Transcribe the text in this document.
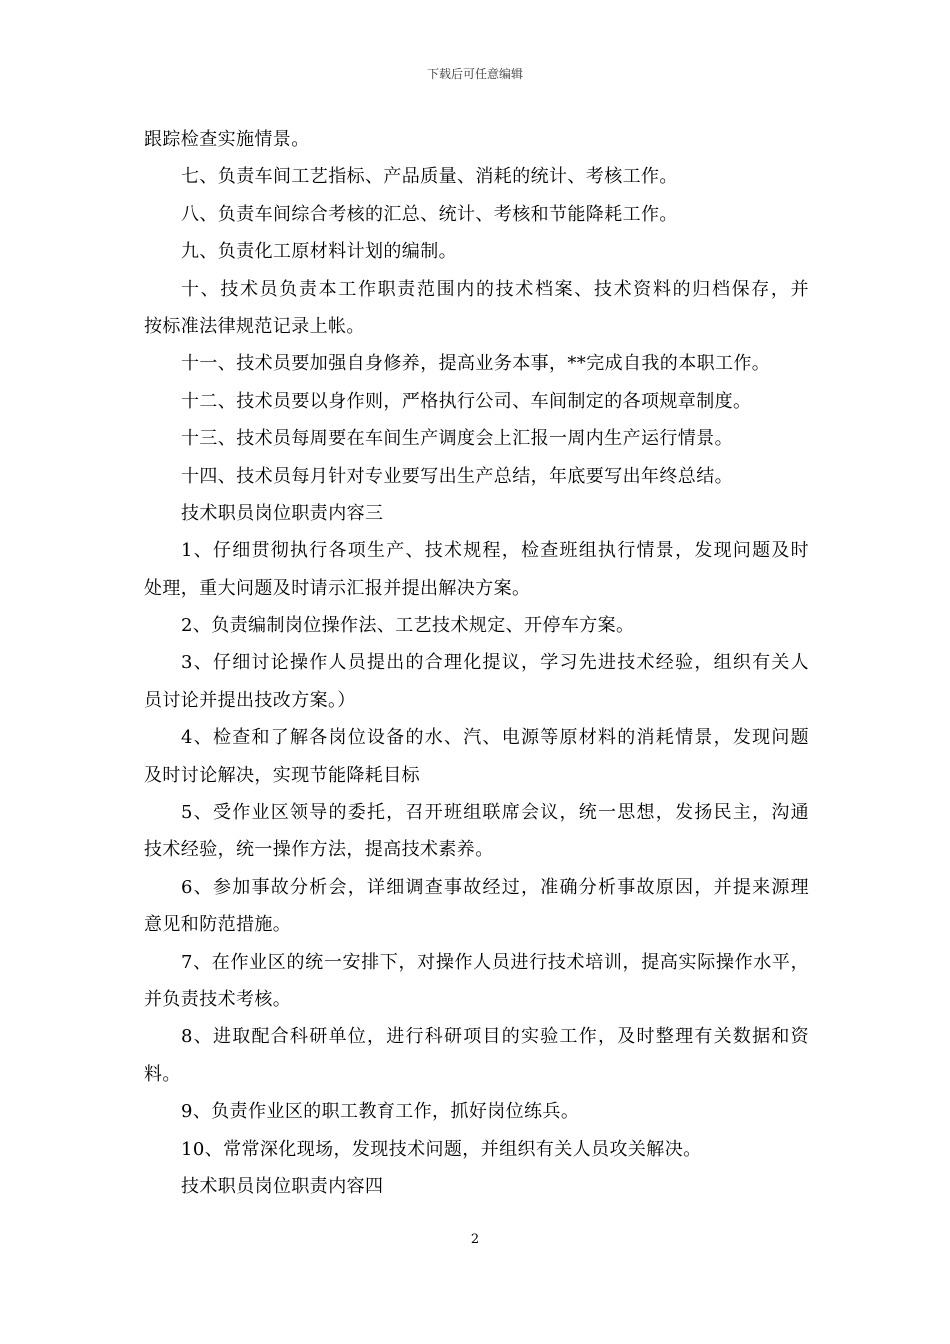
下载后可任意编辑
跟踪检查实施情景。
七、负责车间工艺指标、产品质量、消耗的统计、考核工作。
八、负责车间综合考核的汇总、统计、考核和节能降耗工作。
九、负责化工原材料计划的编制。
十、技术员负责本工作职责范围内的技术档案、技术资料的归档保存，并
按标准法律规范记录上帐。
十一、技术员要加强自身修养，提高业务本事，**完成自我的本职工作。
十二、技术员要以身作则，严格执行公司、车间制定的各项规章制度。
十三、技术员每周要在车间生产调度会上汇报一周内生产运行情景。
十四、技术员每月针对专业要写出生产总结，年底要写出年终总结。
技术职员岗位职责内容三
1、仔细贯彻执行各项生产、技术规程，检查班组执行情景，发现问题及时
处理，重大问题及时请示汇报并提出解决方案。
2、负责编制岗位操作法、工艺技术规定、开停车方案。
3、仔细讨论操作人员提出的合理化提议，学习先进技术经验，组织有关人
员讨论并提出技改方案。）
4、检查和了解各岗位设备的水、汽、电源等原材料的消耗情景，发现问题
及时讨论解决，实现节能降耗目标
5、受作业区领导的委托，召开班组联席会议，统一思想，发扬民主，沟通
技术经验，统一操作方法，提高技术素养。
6、参加事故分析会，详细调查事故经过，准确分析事故原因，并提来源理
意见和防范措施。
7、在作业区的统一安排下，对操作人员进行技术培训，提高实际操作水平，
并负责技术考核。
8、进取配合科研单位，进行科研项目的实验工作，及时整理有关数据和资
料。
9、负责作业区的职工教育工作，抓好岗位练兵。
10、常常深化现场，发现技术问题，并组织有关人员攻关解决。
技术职员岗位职责内容四
2
